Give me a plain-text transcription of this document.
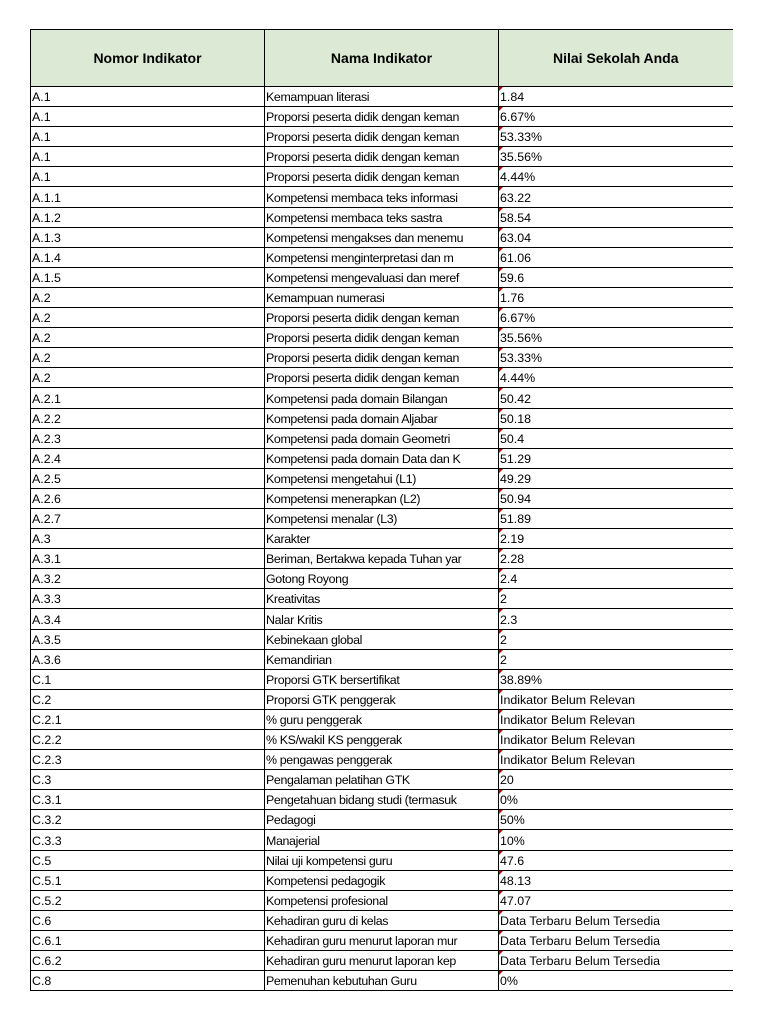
Nomor Indikator	Nama Indikator	Nilai Sekolah Anda
A.1	Kemampuan literasi	1.84
A.1	Proporsi peserta didik dengan keman	6.67%
A.1	Proporsi peserta didik dengan keman	53.33%
A.1	Proporsi peserta didik dengan keman	35.56%
A.1	Proporsi peserta didik dengan keman	4.44%
A.1.1	Kompetensi membaca teks informasi	63.22
A.1.2	Kompetensi membaca teks sastra	58.54
A.1.3	Kompetensi mengakses dan menemu	63.04
A.1.4	Kompetensi menginterpretasi dan m	61.06
A.1.5	Kompetensi mengevaluasi dan meref	59.6
A.2	Kemampuan numerasi	1.76
A.2	Proporsi peserta didik dengan keman	6.67%
A.2	Proporsi peserta didik dengan keman	35.56%
A.2	Proporsi peserta didik dengan keman	53.33%
A.2	Proporsi peserta didik dengan keman	4.44%
A.2.1	Kompetensi pada domain Bilangan	50.42
A.2.2	Kompetensi pada domain Aljabar	50.18
A.2.3	Kompetensi pada domain Geometri	50.4
A.2.4	Kompetensi pada domain Data dan K	51.29
A.2.5	Kompetensi mengetahui (L1)	49.29
A.2.6	Kompetensi menerapkan (L2)	50.94
A.2.7	Kompetensi menalar (L3)	51.89
A.3	Karakter	2.19
A.3.1	Beriman, Bertakwa kepada Tuhan yar	2.28
A.3.2	Gotong Royong	2.4
A.3.3	Kreativitas	2
A.3.4	Nalar Kritis	2.3
A.3.5	Kebinekaan global	2
A.3.6	Kemandirian	2
C.1	Proporsi GTK bersertifikat	38.89%
C.2	Proporsi GTK penggerak	Indikator Belum Relevan
C.2.1	% guru penggerak	Indikator Belum Relevan
C.2.2	% KS/wakil KS penggerak	Indikator Belum Relevan
C.2.3	% pengawas penggerak	Indikator Belum Relevan
C.3	Pengalaman pelatihan GTK	20
C.3.1	Pengetahuan bidang studi (termasuk	0%
C.3.2	Pedagogi	50%
C.3.3	Manajerial	10%
C.5	Nilai uji kompetensi guru	47.6
C.5.1	Kompetensi pedagogik	48.13
C.5.2	Kompetensi profesional	47.07
C.6	Kehadiran guru di kelas	Data Terbaru Belum Tersedia
C.6.1	Kehadiran guru menurut laporan mur	Data Terbaru Belum Tersedia
C.6.2	Kehadiran guru menurut laporan kep	Data Terbaru Belum Tersedia
C.8	Pemenuhan kebutuhan Guru	0%
